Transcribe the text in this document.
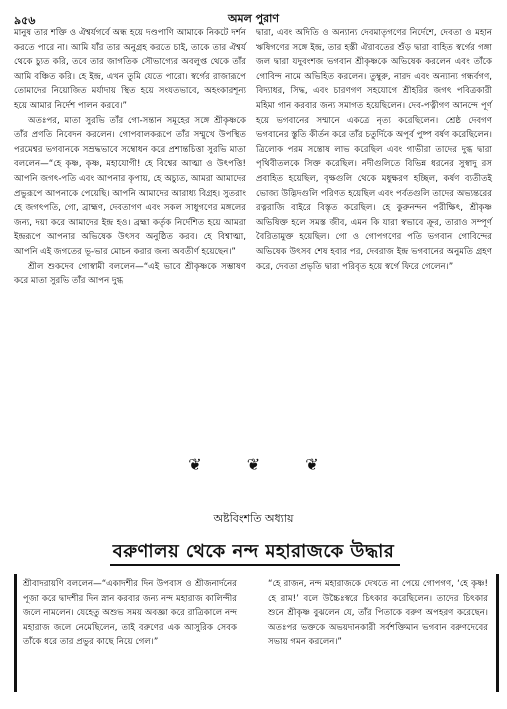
৯৫৬	অমল পুরাণ

মানুষ তার শক্তি ও ঐশ্বর্যগর্বে অন্ধ হয়ে দণ্ডপাণি আমাকে নিকটে দর্শন করতে পারে না। আমি যাঁর তার অনুগ্রহ করতে চাই, তাকে তার ঐশ্বর্য থেকে চ্যুত করি, তবে তার জাগতিক সৌভাগ্যের অবলুপ্ত থেকে তাঁর আমি বঞ্চিত করি। হে ইন্দ্র, এখন তুমি যেতে পারো। স্বর্গের রাজারূপে তোমাদের নিয়োজিত মর্যাদায় স্থিত হয়ে সংযতভাবে, অহংকারশূন্য হয়ে আমার নির্দেশ পালন করবে।”

অতঃপর, মাতা সুরভি তাঁর গো-সন্তান সমূহের সঙ্গে শ্রীকৃষ্ণকে তাঁর প্রণতি নিবেদন করলেন। গোপবালকরূপে তাঁর সম্মুখে উপস্থিত পরমেশ্বর ভগবানকে সম্রদ্ধভাবে সম্বোধন করে প্রশান্তচিত্তা সুরভি মাতা বললেন—“হে কৃষ্ণ, কৃষ্ণ, মহাযোগী! হে বিশ্বের আত্মা ও উৎপত্তি! আপনি জগৎ-পতি এবং আপনার কৃপায়, হে অচ্যুত, আমরা আমাদের প্রভুরূপে আপনাকে পেয়েছি। আপনি আমাদের আরাধ্য বিগ্রহ। সুতরাং হে জগৎপতি, গো, ব্রাহ্মণ, দেবতাগণ এবং সকল সাধুগণের মঙ্গলের জন্য, দয়া করে আমাদের ইন্দ্র হও। ব্রহ্মা কর্তৃক নির্দেশিত হয়ে আমরা ইন্দ্ররূপে আপনার অভিষেক উৎসব অনুষ্ঠিত করব। হে বিশ্বাত্মা, আপনি এই জগতের ভূ-ভার মোচন করার জন্য অবতীর্ণ হয়েছেন।”

শ্রীল শুকদেব গোস্বামী বললেন—“এই ভাবে শ্রীকৃষ্ণকে সম্ভাষণ করে মাতা সুরভি তাঁর আপন দুগ্ধ

দ্বারা, এবং অদিতি ও অন্যান্য দেবমাতৃগণের নির্দেশে, দেবতা ও মহান ঋষিগণের সঙ্গে ইন্দ্র, তার হস্তী ঐরাবতের শুঁড় দ্বারা বাহিত স্বর্গের গঙ্গা জল দ্বারা যদুবংশজ ভগবান শ্রীকৃষ্ণকে অভিষেক করলেন এবং তাঁকে গোবিন্দ নামে অভিহিত করলেন। তুম্বুরু, নারদ এবং অন্যান্য গন্ধর্বগণ, বিদ্যাধর, সিদ্ধ, এবং চারণগণ সহযোগে শ্রীহরির জগৎ পবিত্রকারী মহিমা গান করবার জন্য সমাগত হয়েছিলেন। দেব-পত্নীগণ আনন্দে পূর্ণ হয়ে ভগবানের সম্মানে একত্রে নৃত্য করেছিলেন। শ্রেষ্ঠ দেবগণ ভগবানের স্তুতি কীর্তন করে তাঁর চতুর্দিকে অপূর্ব পুষ্প বর্ষণ করেছিলেন। ত্রিলোক পরম সন্তোষ লাভ করেছিল এবং গাভীরা তাদের দুগ্ধ দ্বারা পৃথিবীতলকে সিক্ত করেছিল। নদীগুলিতে বিভিন্ন ধরনের সুস্বাদু রস প্রবাহিত হয়েছিল, বৃক্ষগুলি থেকে মধুক্ষরণ হচ্ছিল, কর্ষণ ব্যতীতই ভোজ্য উদ্ভিদগুলি পরিণত হয়েছিল এবং পর্বতগুলি তাদের অভ্যন্তরের রত্নরাজি বাইরে বিস্তৃত করেছিল। হে কুরুনন্দন পরীক্ষিৎ, শ্রীকৃষ্ণ অভিষিক্ত হলে সমস্ত জীব, এমন কি যারা স্বভাবে ক্রূর, তারাও সম্পূর্ণ বৈরিতামুক্ত হয়েছিল। গো ও গোপগণের পতি ভগবান গোবিন্দের অভিষেক উৎসব শেষ হবার পর, দেবরাজ ইন্দ্র ভগবানের অনুমতি গ্রহণ করে, দেবতা প্রভৃতি দ্বারা পরিবৃত হয়ে স্বর্গে ফিরে গেলেন।”

❦	❦	❦
অষ্টবিংশতি অধ্যায়
বরুণালয় থেকে নন্দ মহারাজকে উদ্ধার

শ্রীবাদরায়ণি বললেন—“একাদশীর দিন উপবাস ও শ্রীজনার্দনের পূজা করে দ্বাদশীর দিন স্নান করবার জন্য নন্দ মহারাজ কালিন্দীর জলে নামলেন। যেহেতু অশুভ সময় অবজ্ঞা করে রাত্রিকালে নন্দ মহারাজ জলে নেমেছিলেন, তাই বরুণের এক আসুরিক সেবক তাঁকে ধরে তার প্রভুর কাছে নিয়ে গেল।”

“হে রাজন, নন্দ মহারাজকে দেখতে না পেয়ে গোপগণ, ‘হে কৃষ্ণ! হে রাম!’ বলে উচ্চৈঃস্বরে চিৎকার করেছিলেন। তাদের চিৎকার শুনে শ্রীকৃষ্ণ বুঝলেন যে, তাঁর পিতাকে বরুণ অপহরণ করেছেন। অতঃপর ভক্তকে অভয়দানকারী সর্বশক্তিমান ভগবান বরুণদেবের সভায় গমন করলেন।”
